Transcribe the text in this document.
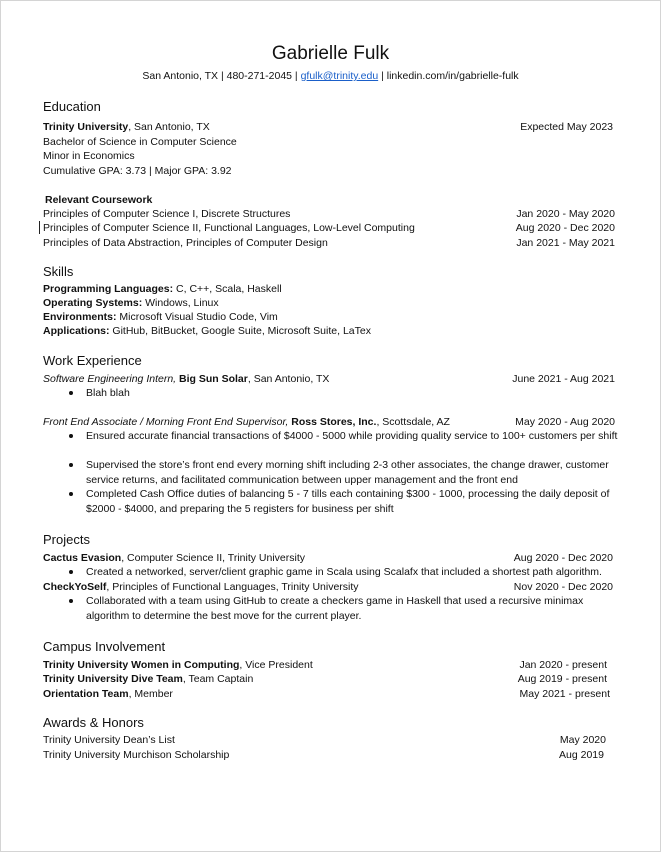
Gabrielle Fulk
San Antonio, TX | 480-271-2045 | gfulk@trinity.edu | linkedin.com/in/gabrielle-fulk
Education
Trinity University, San Antonio, TX	Expected May 2023
Bachelor of Science in Computer Science
Minor in Economics
Cumulative GPA: 3.73 | Major GPA: 3.92
Relevant Coursework
Principles of Computer Science I, Discrete Structures	Jan 2020 - May 2020
Principles of Computer Science II, Functional Languages, Low-Level Computing	Aug 2020 - Dec 2020
Principles of Data Abstraction, Principles of Computer Design	Jan 2021 - May 2021
Skills
Programming Languages: C, C++, Scala, Haskell
Operating Systems: Windows, Linux
Environments: Microsoft Visual Studio Code, Vim
Applications: GitHub, BitBucket, Google Suite, Microsoft Suite, LaTex
Work Experience
Software Engineering Intern, Big Sun Solar, San Antonio, TX	June 2021 - Aug 2021
Blah blah
Front End Associate / Morning Front End Supervisor, Ross Stores, Inc., Scottsdale, AZ	May 2020 - Aug 2020
Ensured accurate financial transactions of $4000 - 5000 while providing quality service to 100+ customers per shift
Supervised the store’s front end every morning shift including 2-3 other associates, the change drawer, customer service returns, and facilitated communication between upper management and the front end
Completed Cash Office duties of balancing 5 - 7 tills each containing $300 - 1000, processing the daily deposit of $2000 - $4000, and preparing the 5 registers for business per shift
Projects
Cactus Evasion, Computer Science II, Trinity University	Aug 2020 - Dec 2020
Created a networked, server/client graphic game in Scala using Scalafx that included a shortest path algorithm.
CheckYoSelf, Principles of Functional Languages, Trinity University	Nov 2020 - Dec 2020
Collaborated with a team using GitHub to create a checkers game in Haskell that used a recursive minimax algorithm to determine the best move for the current player.
Campus Involvement
Trinity University Women in Computing, Vice President	Jan 2020 - present
Trinity University Dive Team, Team Captain	Aug 2019 - present
Orientation Team, Member	May 2021 - present
Awards & Honors
Trinity University Dean’s List	May 2020
Trinity University Murchison Scholarship	Aug 2019
